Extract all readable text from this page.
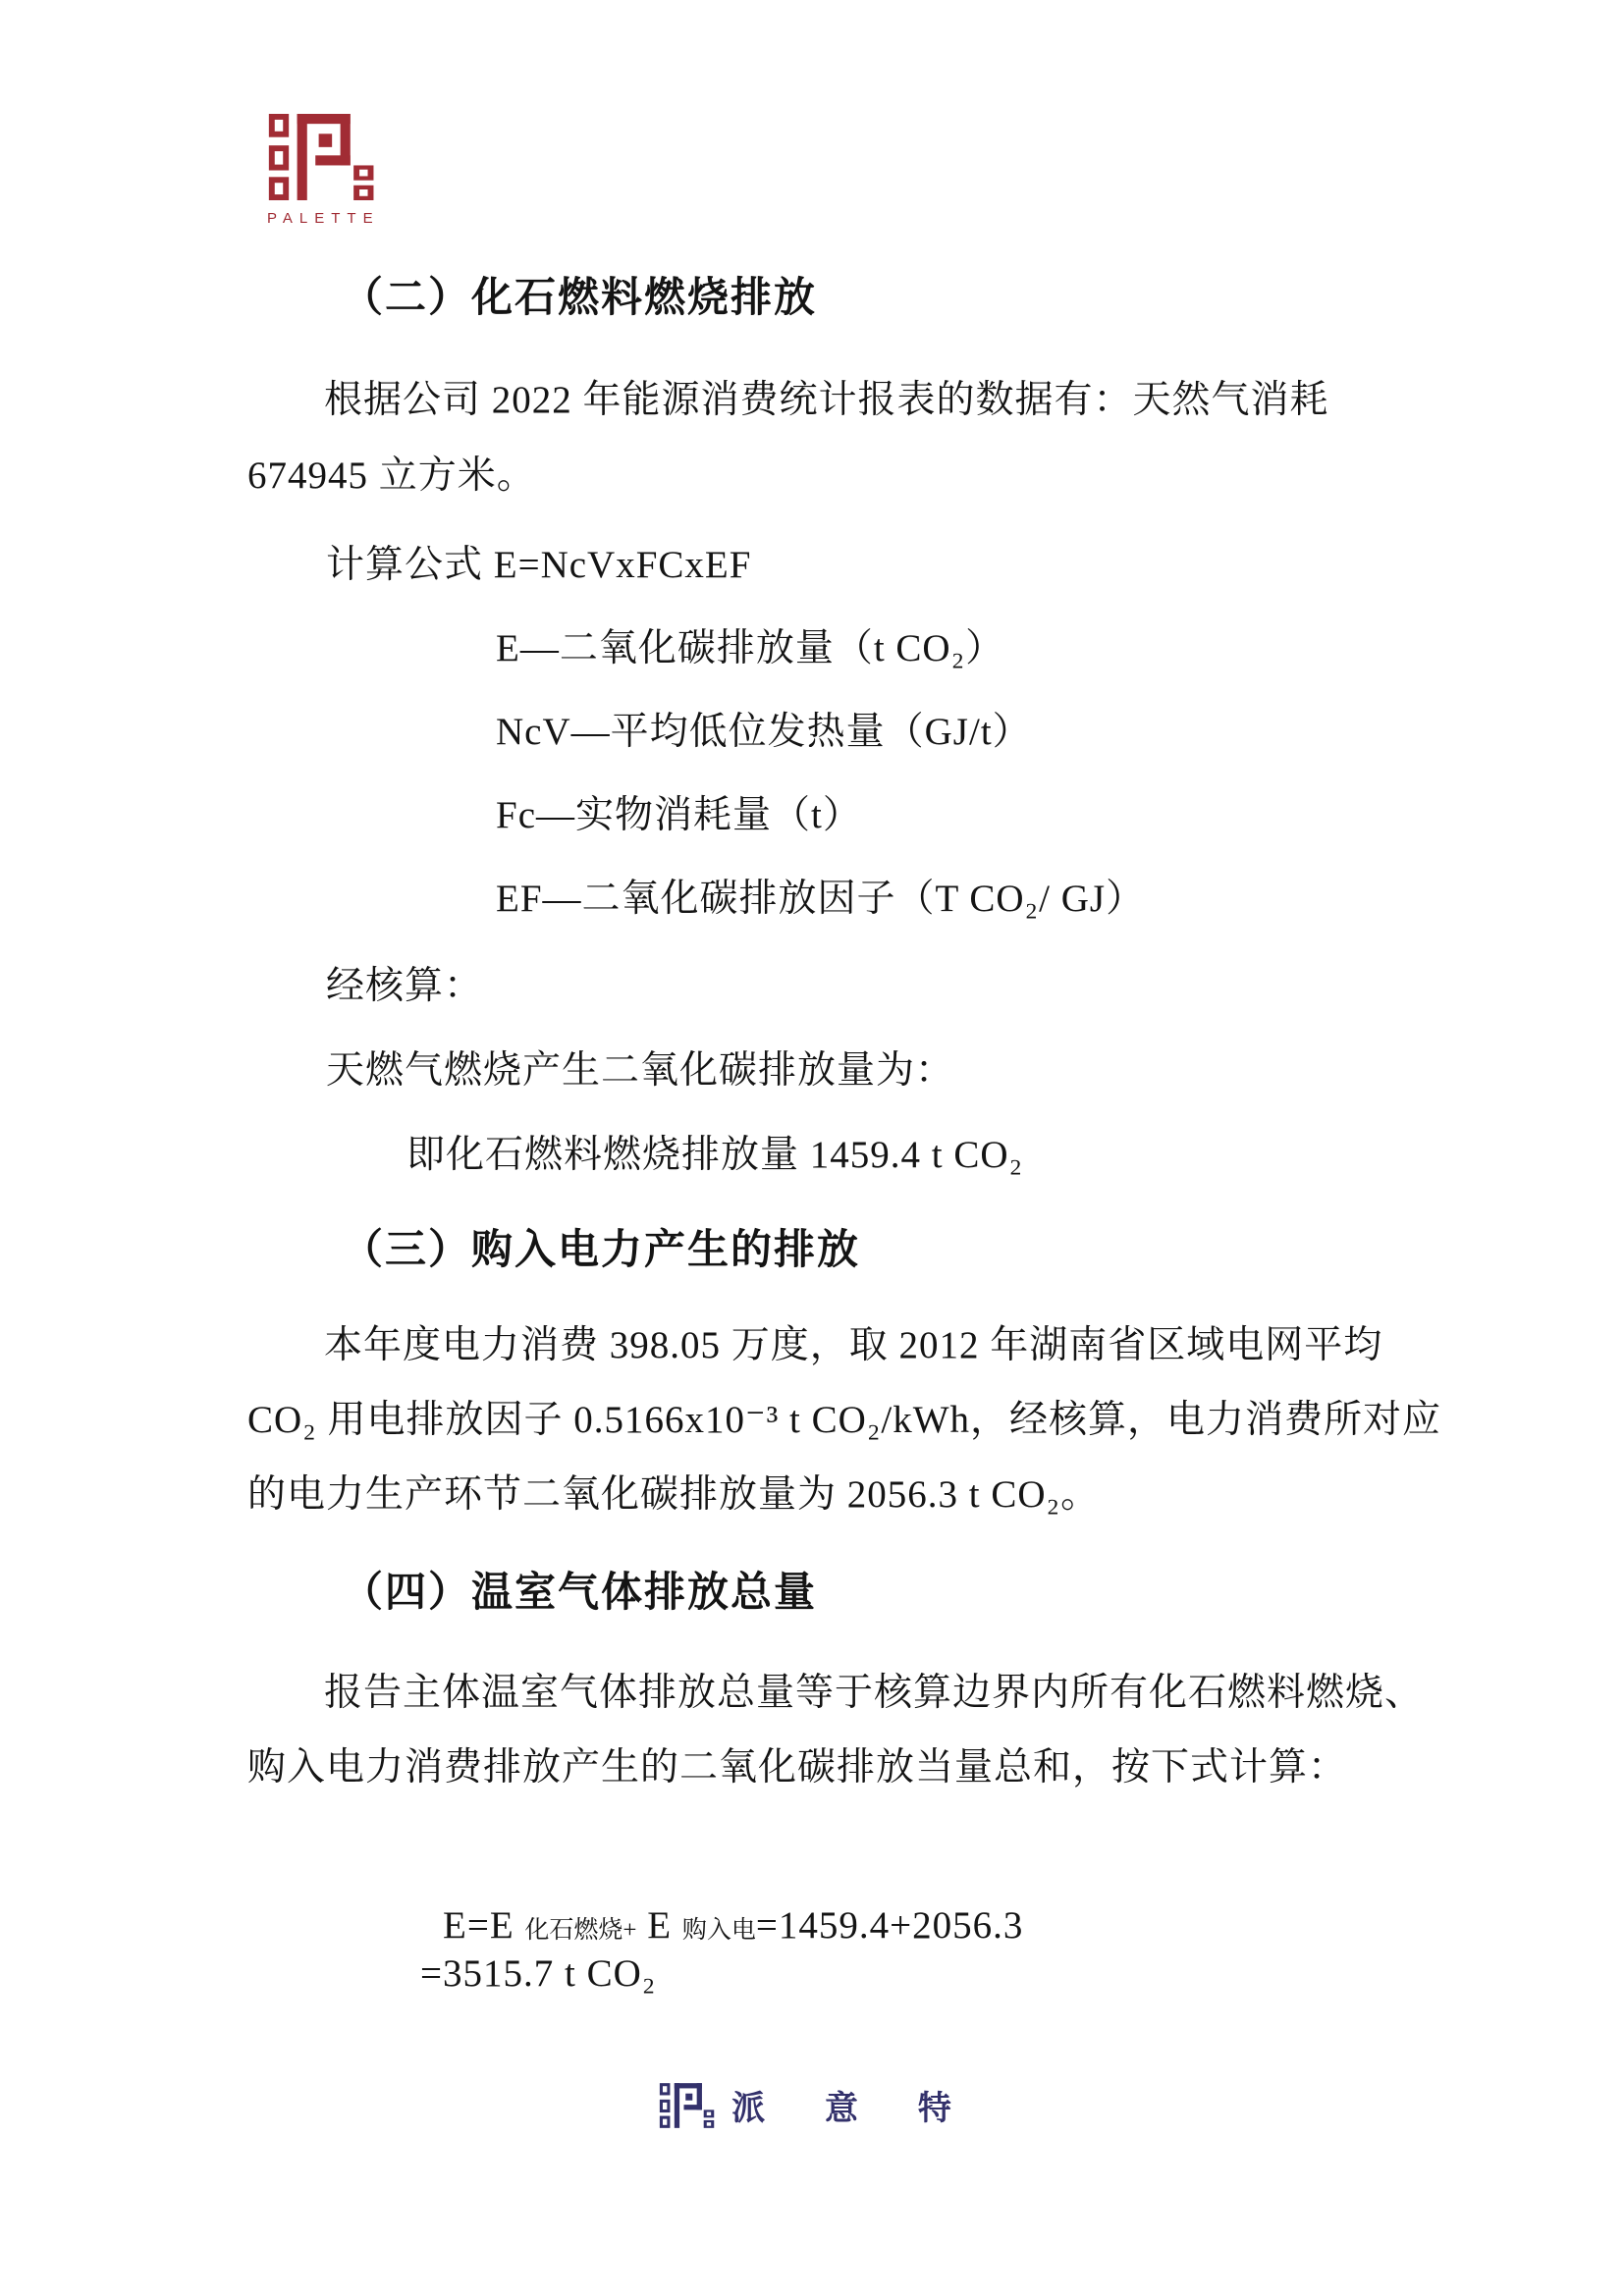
PALETTE
（二）化石燃料燃烧排放
根据公司 2022 年能源消费统计报表的数据有：天然气消耗
674945 立方米。
计算公式 E=NcVxFCxEF
E—二氧化碳排放量（t CO₂）
NcV—平均低位发热量（GJ/t）
Fc—实物消耗量（t）
EF—二氧化碳排放因子（T CO₂/ GJ）
经核算：
天燃气燃烧产生二氧化碳排放量为：
即化石燃料燃烧排放量 1459.4 t CO₂
（三）购入电力产生的排放
本年度电力消费 398.05 万度，取 2012 年湖南省区域电网平均
CO₂ 用电排放因子 0.5166x10⁻³ t CO₂/kWh，经核算，电力消费所对应
的电力生产环节二氧化碳排放量为 2056.3 t CO₂。
（四）温室气体排放总量
报告主体温室气体排放总量等于核算边界内所有化石燃料燃烧、
购入电力消费排放产生的二氧化碳排放当量总和，按下式计算：

E=E 化石燃烧+ E 购入电=1459.4+2056.3

=3515.7 t CO₂
派  意  特
